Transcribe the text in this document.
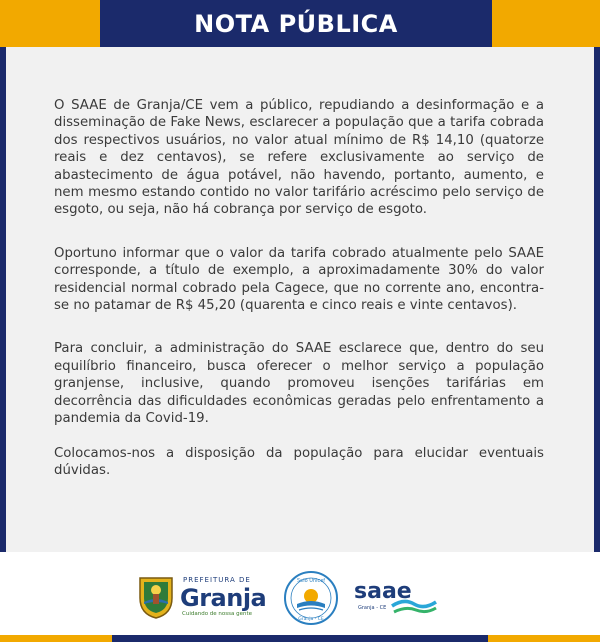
NOTA PÚBLICA

O SAAE de Granja/CE vem a público, repudiando a desinformação e a disseminação de Fake News, esclarecer a população que a tarifa cobrada dos respectivos usuários, no valor atual mínimo de R$ 14,10 (quatorze reais e dez centavos), se refere exclusivamente ao serviço de abastecimento de água potável, não havendo, portanto, aumento, e nem mesmo estando contido no valor tarifário acréscimo pelo serviço de esgoto, ou seja, não há cobrança por serviço de esgoto.

Oportuno informar que o valor da tarifa cobrado atualmente pelo SAAE corresponde, a título de exemplo, a aproximadamente 30% do valor residencial normal cobrado pela Cagece, que no corrente ano, encontra-se no patamar de R$ 45,20 (quarenta e cinco reais e vinte centavos).

Para concluir, a administração do SAAE esclarece que, dentro do seu equilíbrio financeiro, busca oferecer o melhor serviço a população granjense, inclusive, quando promoveu isenções tarifárias em decorrência das dificuldades econômicas geradas pelo enfrentamento a pandemia da Covid-19.

Colocamos-nos a disposição da população para elucidar eventuais dúvidas.

PREFEITURA DE
Granja
Cuidando de nossa gente
Selo Unicef
Granja - CE
saae
Granja - CE
